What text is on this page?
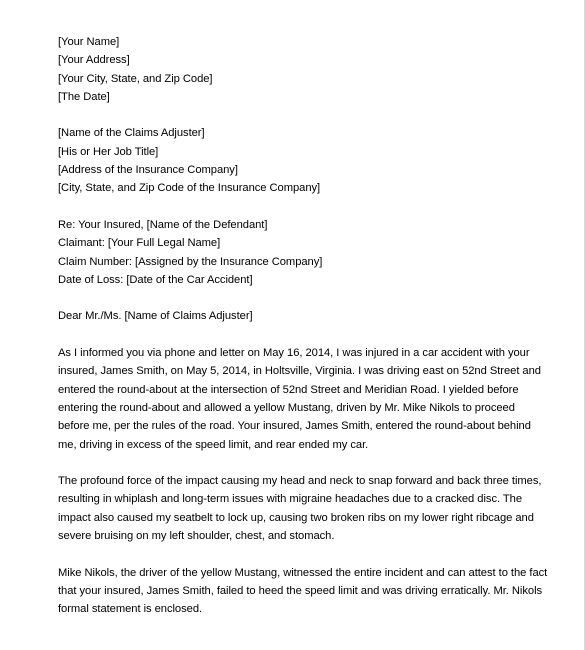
[Your Name]
[Your Address]
[Your City, State, and Zip Code]
[The Date]
[Name of the Claims Adjuster]
[His or Her Job Title]
[Address of the Insurance Company]
[City, State, and Zip Code of the Insurance Company]
Re: Your Insured, [Name of the Defendant]
Claimant: [Your Full Legal Name]
Claim Number: [Assigned by the Insurance Company]
Date of Loss: [Date of the Car Accident]
Dear Mr./Ms. [Name of Claims Adjuster]
As I informed you via phone and letter on May 16, 2014, I was injured in a car accident with your
insured, James Smith, on May 5, 2014, in Holtsville, Virginia. I was driving east on 52nd Street and
entered the round-about at the intersection of 52nd Street and Meridian Road. I yielded before
entering the round-about and allowed a yellow Mustang, driven by Mr. Mike Nikols to proceed
before me, per the rules of the road. Your insured, James Smith, entered the round-about behind
me, driving in excess of the speed limit, and rear ended my car.
The profound force of the impact causing my head and neck to snap forward and back three times,
resulting in whiplash and long-term issues with migraine headaches due to a cracked disc. The
impact also caused my seatbelt to lock up, causing two broken ribs on my lower right ribcage and
severe bruising on my left shoulder, chest, and stomach.
Mike Nikols, the driver of the yellow Mustang, witnessed the entire incident and can attest to the fact
that your insured, James Smith, failed to heed the speed limit and was driving erratically. Mr. Nikols
formal statement is enclosed.
